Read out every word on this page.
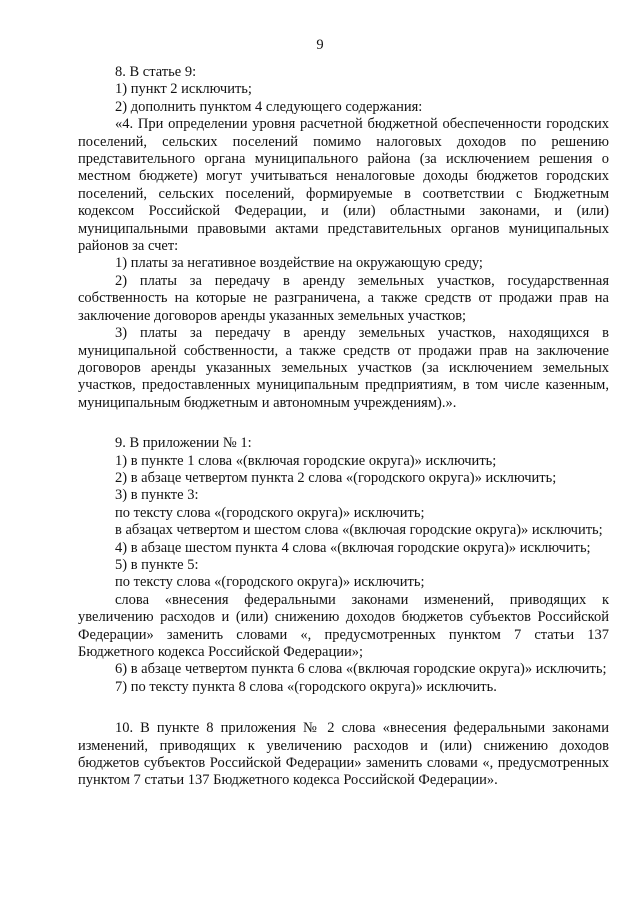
9

8. В статье 9:

1) пункт 2 исключить;

2) дополнить пунктом 4 следующего содержания:

«4. При определении уровня расчетной бюджетной обеспеченности городских поселений, сельских поселений помимо налоговых доходов по решению представительного органа муниципального района (за исключением решения о местном бюджете) могут учитываться неналоговые доходы бюджетов городских поселений, сельских поселений, формируемые в соответствии с Бюджетным кодексом Российской Федерации, и (или) областными законами, и (или) муниципальными правовыми актами представительных органов муниципальных районов за счет:

1) платы за негативное воздействие на окружающую среду;

2) платы за передачу в аренду земельных участков, государственная собственность на которые не разграничена, а также средств от продажи прав на заключение договоров аренды указанных земельных участков;

3) платы за передачу в аренду земельных участков, находящихся в муниципальной собственности, а также средств от продажи прав на заключение договоров аренды указанных земельных участков (за исключением земельных участков, предоставленных муниципальным предприятиям, в том числе казенным, муниципальным бюджетным и автономным учреждениям).».

9. В приложении № 1:

1) в пункте 1 слова «(включая городские округа)» исключить;

2) в абзаце четвертом пункта 2 слова «(городского округа)» исключить;

3) в пункте 3:

по тексту слова «(городского округа)» исключить;

в абзацах четвертом и шестом слова «(включая городские округа)» исключить;

4) в абзаце шестом пункта 4 слова «(включая городские округа)» исключить;

5) в пункте 5:

по тексту слова «(городского округа)» исключить;

слова «внесения федеральными законами изменений, приводящих к увеличению расходов и (или) снижению доходов бюджетов субъектов Российской Федерации» заменить словами «, предусмотренных пунктом 7 статьи 137 Бюджетного кодекса Российской Федерации»;

6) в абзаце четвертом пункта 6 слова «(включая городские округа)» исключить;

7) по тексту пункта 8 слова «(городского округа)» исключить.

10. В пункте 8 приложения № 2 слова «внесения федеральными законами изменений, приводящих к увеличению расходов и (или) снижению доходов бюджетов субъектов Российской Федерации» заменить словами «, предусмотренных пунктом 7 статьи 137 Бюджетного кодекса Российской Федерации».
